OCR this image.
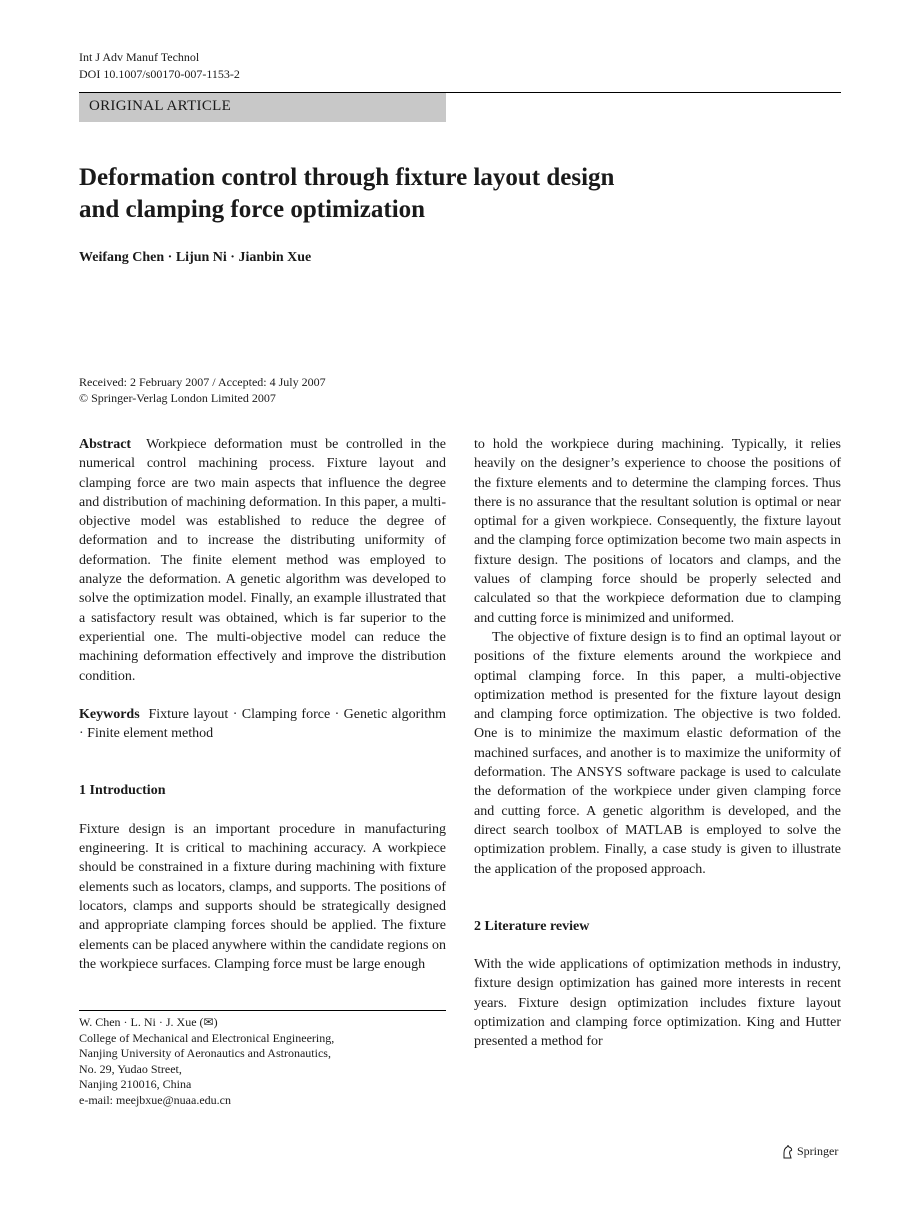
Int J Adv Manuf Technol
DOI 10.1007/s00170-007-1153-2
ORIGINAL ARTICLE
Deformation control through fixture layout design
and clamping force optimization
Weifang Chen · Lijun Ni · Jianbin Xue
Received: 2 February 2007 / Accepted: 4 July 2007
© Springer-Verlag London Limited 2007

Abstract Workpiece deformation must be controlled in the numerical control machining process. Fixture layout and clamping force are two main aspects that influence the degree and distribution of machining deformation. In this paper, a multi-objective model was established to reduce the degree of deformation and to increase the distributing uniformity of deformation. The finite element method was employed to analyze the deformation. A genetic algorithm was developed to solve the optimization model. Finally, an example illustrated that a satisfactory result was obtained, which is far superior to the experiential one. The multi-objective model can reduce the machining deformation effectively and improve the distribution condition.

Keywords Fixture layout · Clamping force · Genetic algorithm · Finite element method

1 Introduction

Fixture design is an important procedure in manufacturing engineering. It is critical to machining accuracy. A workpiece should be constrained in a fixture during machining with fixture elements such as locators, clamps, and supports. The positions of locators, clamps and supports should be strategically designed and appropriate clamping forces should be applied. The fixture elements can be placed anywhere within the candidate regions on the workpiece surfaces. Clamping force must be large enough

to hold the workpiece during machining. Typically, it relies heavily on the designer’s experience to choose the positions of the fixture elements and to determine the clamping forces. Thus there is no assurance that the resultant solution is optimal or near optimal for a given workpiece. Consequently, the fixture layout and the clamping force optimization become two main aspects in fixture design. The positions of locators and clamps, and the values of clamping force should be properly selected and calculated so that the workpiece deformation due to clamping and cutting force is minimized and uniformed.

The objective of fixture design is to find an optimal layout or positions of the fixture elements around the workpiece and optimal clamping force. In this paper, a multi-objective optimization method is presented for the fixture layout design and clamping force optimization. The objective is two folded. One is to minimize the maximum elastic deformation of the machined surfaces, and another is to maximize the uniformity of deformation. The ANSYS software package is used to calculate the deformation of the workpiece under given clamping force and cutting force. A genetic algorithm is developed, and the direct search toolbox of MATLAB is employed to solve the optimization problem. Finally, a case study is given to illustrate the application of the proposed approach.

2 Literature review

With the wide applications of optimization methods in industry, fixture design optimization has gained more interests in recent years. Fixture design optimization includes fixture layout optimization and clamping force optimization. King and Hutter presented a method for

W. Chen · L. Ni · J. Xue (✉)
College of Mechanical and Electronical Engineering,
Nanjing University of Aeronautics and Astronautics,
No. 29, Yudao Street,
Nanjing 210016, China
e-mail: meejbxue@nuaa.edu.cn
Springer
